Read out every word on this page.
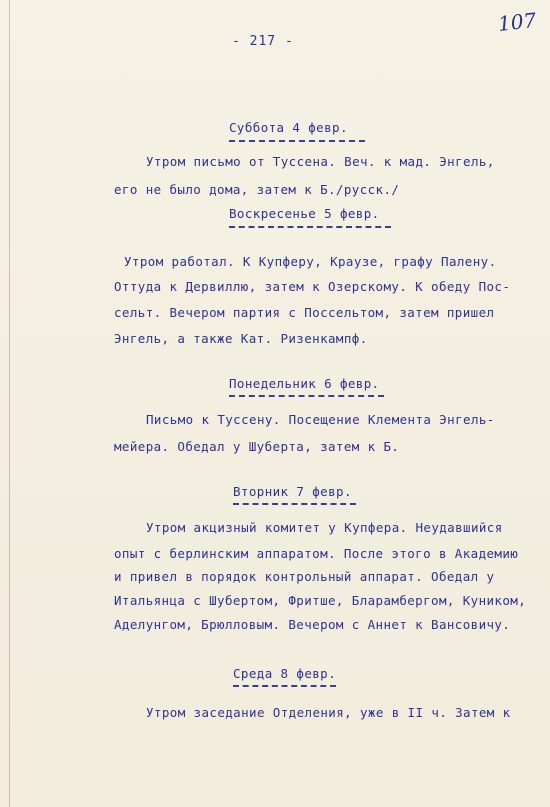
107
- 217 -
Суббота 4 февр.
Утром письмо от Туссена. Веч. к мад. Энгель,
его не было дома, затем к Б./русск./
Воскресенье 5 февр.
Утром работал. К Купферу, Краузе, графу Палену.
Оттуда к Дервиллю, затем к Озерскому. К обеду Пос-
сельт. Вечером партия с Поссельтом, затем пришел
Энгель, а также Кат. Ризенкампф.
Понедельник 6 февр.
Письмо к Туссену. Посещение Клемента Энгель-
мейера. Обедал у Шуберта, затем к Б.
Вторник 7 февр.
Утром акцизный комитет у Купфера. Неудавшийся
опыт с берлинским аппаратом. После этого в Академию
и привел в порядок контрольный аппарат. Обедал у
Итальянца с Шубертом, Фритше, Бларамбергом, Куником,
Аделунгом, Брюлловым. Вечером с Аннет к Вансовичу.
Среда 8 февр.
Утром заседание Отделения, уже в II ч. Затем к
